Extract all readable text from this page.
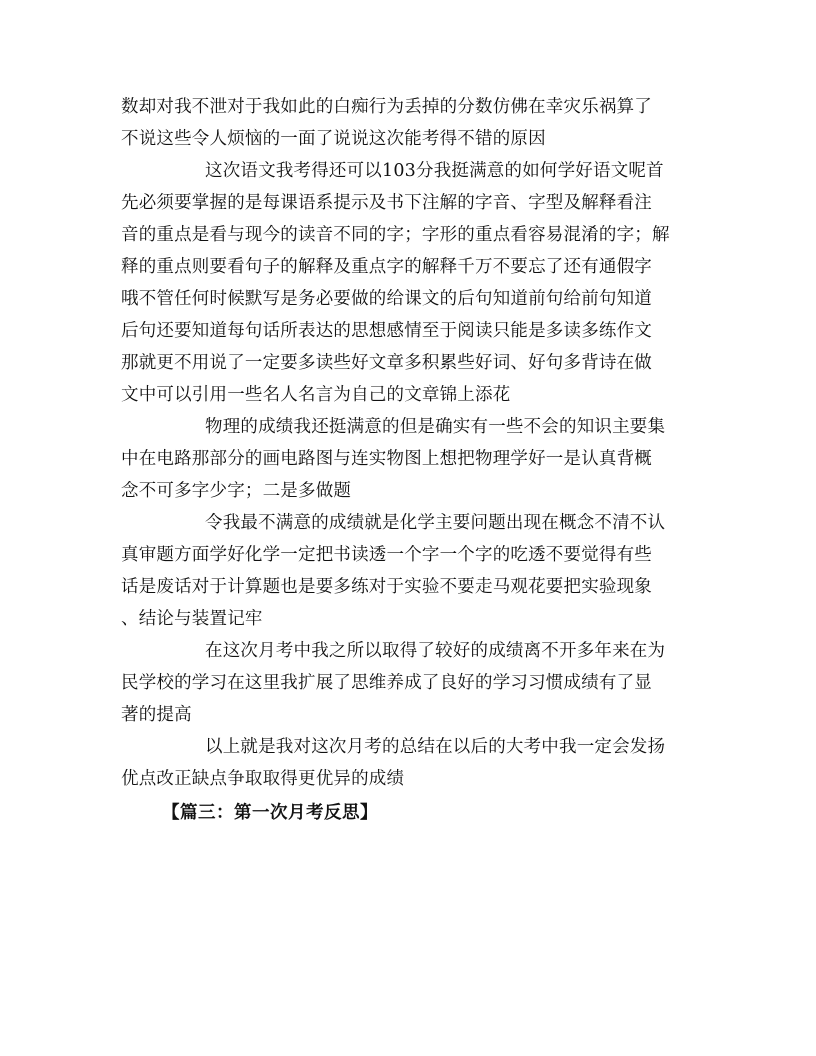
数却对我不泄对于我如此的白痴行为丢掉的分数仿佛在幸灾乐祸算了
不说这些令人烦恼的一面了说说这次能考得不错的原因
这次语文我考得还可以103分我挺满意的如何学好语文呢首
先必须要掌握的是每课语系提示及书下注解的字音、字型及解释看注
音的重点是看与现今的读音不同的字；字形的重点看容易混淆的字；解
释的重点则要看句子的解释及重点字的解释千万不要忘了还有通假字
哦不管任何时候默写是务必要做的给课文的后句知道前句给前句知道
后句还要知道每句话所表达的思想感情至于阅读只能是多读多练作文
那就更不用说了一定要多读些好文章多积累些好词、好句多背诗在做
文中可以引用一些名人名言为自己的文章锦上添花
物理的成绩我还挺满意的但是确实有一些不会的知识主要集
中在电路那部分的画电路图与连实物图上想把物理学好一是认真背概
念不可多字少字；二是多做题
令我最不满意的成绩就是化学主要问题出现在概念不清不认
真审题方面学好化学一定把书读透一个字一个字的吃透不要觉得有些
话是废话对于计算题也是要多练对于实验不要走马观花要把实验现象
、结论与装置记牢
在这次月考中我之所以取得了较好的成绩离不开多年来在为
民学校的学习在这里我扩展了思维养成了良好的学习习惯成绩有了显
著的提高
以上就是我对这次月考的总结在以后的大考中我一定会发扬
优点改正缺点争取取得更优异的成绩
【篇三：第一次月考反思】
